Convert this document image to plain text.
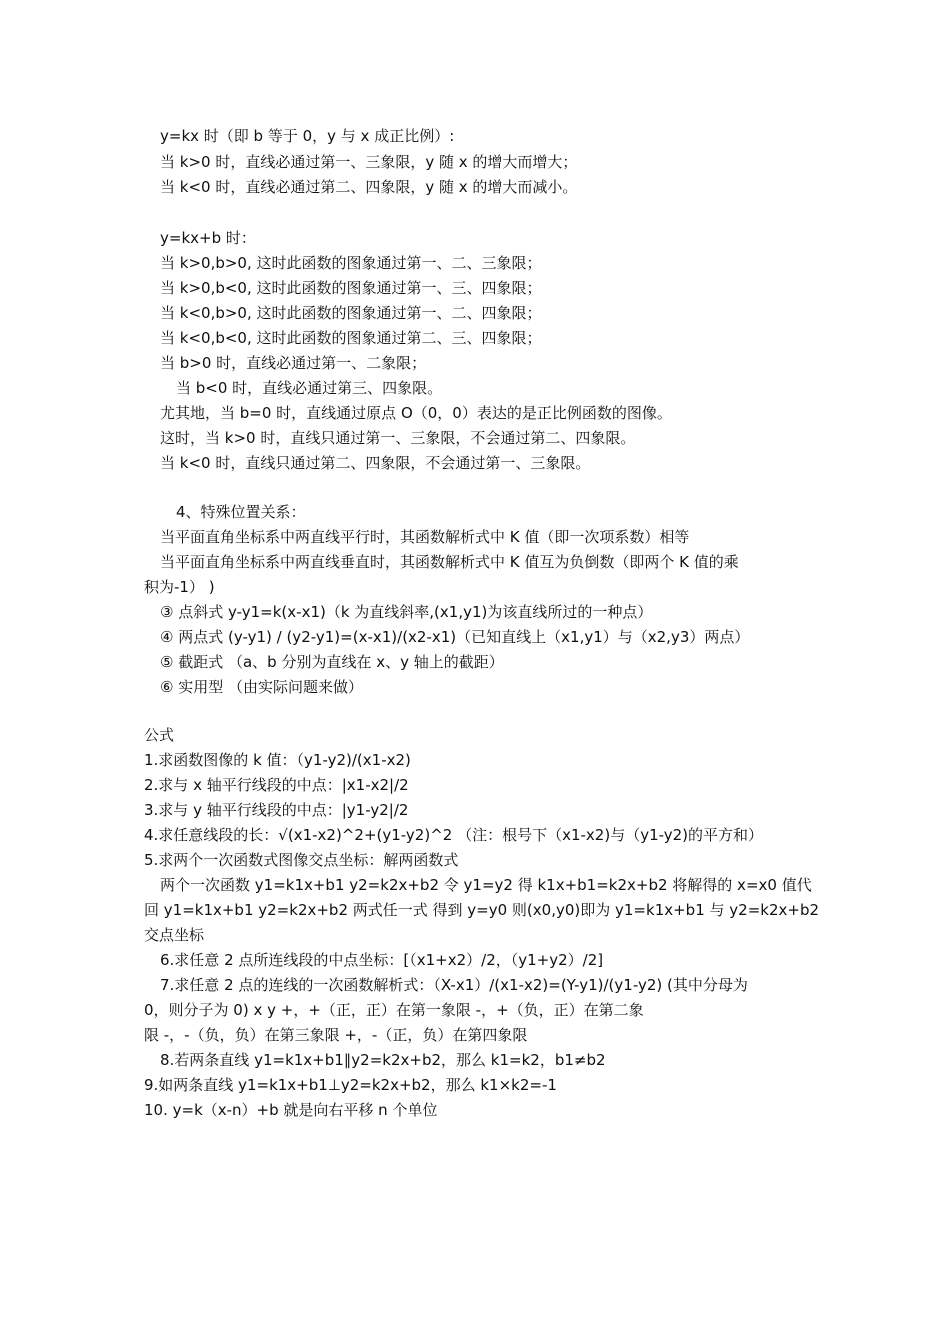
y=kx 时（即 b 等于 0，y 与 x 成正比例）:
当 k>0 时，直线必通过第一、三象限，y 随 x 的增大而增大；
当 k<0 时，直线必通过第二、四象限，y 随 x 的增大而减小。
y=kx+b 时：
当 k>0,b>0, 这时此函数的图象通过第一、二、三象限；
当 k>0,b<0, 这时此函数的图象通过第一、三、四象限；
当 k<0,b>0, 这时此函数的图象通过第一、二、四象限；
当 k<0,b<0, 这时此函数的图象通过第二、三、四象限；
当 b>0 时，直线必通过第一、二象限；
当 b<0 时，直线必通过第三、四象限。
尤其地，当 b=0 时，直线通过原点 O（0，0）表达的是正比例函数的图像。
这时，当 k>0 时，直线只通过第一、三象限，不会通过第二、四象限。
当 k<0 时，直线只通过第二、四象限，不会通过第一、三象限。
4、特殊位置关系：
当平面直角坐标系中两直线平行时，其函数解析式中 K 值（即一次项系数）相等
当平面直角坐标系中两直线垂直时，其函数解析式中 K 值互为负倒数（即两个 K 值的乘
积为-1） )
③ 点斜式 y-y1=k(x-x1)（k 为直线斜率,(x1,y1)为该直线所过的一种点）
④ 两点式 (y-y1) / (y2-y1)=(x-x1)/(x2-x1)（已知直线上（x1,y1）与（x2,y3）两点）
⑤ 截距式 （a、b 分别为直线在 x、y 轴上的截距）
⑥ 实用型 （由实际问题来做）
公式
1.求函数图像的 k 值：（y1-y2)/(x1-x2)
2.求与 x 轴平行线段的中点：|x1-x2|/2
3.求与 y 轴平行线段的中点：|y1-y2|/2
4.求任意线段的长：√(x1-x2)^2+(y1-y2)^2 （注：根号下（x1-x2)与（y1-y2)的平方和）
5.求两个一次函数式图像交点坐标：解两函数式
两个一次函数 y1=k1x+b1 y2=k2x+b2 令 y1=y2 得 k1x+b1=k2x+b2 将解得的 x=x0 值代
回 y1=k1x+b1 y2=k2x+b2 两式任一式 得到 y=y0 则(x0,y0)即为 y1=k1x+b1 与 y2=k2x+b2
交点坐标
6.求任意 2 点所连线段的中点坐标：[（x1+x2）/2，（y1+y2）/2]
7.求任意 2 点的连线的一次函数解析式：（X-x1）/(x1-x2)=(Y-y1)/(y1-y2) (其中分母为
0，则分子为 0) x y +，+（正，正）在第一象限 -，+（负，正）在第二象
限 -，-（负，负）在第三象限 +，-（正，负）在第四象限
8.若两条直线 y1=k1x+b1∥y2=k2x+b2，那么 k1=k2，b1≠b2
9.如两条直线 y1=k1x+b1⊥y2=k2x+b2，那么 k1×k2=-1
10. y=k（x-n）+b 就是向右平移 n 个单位
